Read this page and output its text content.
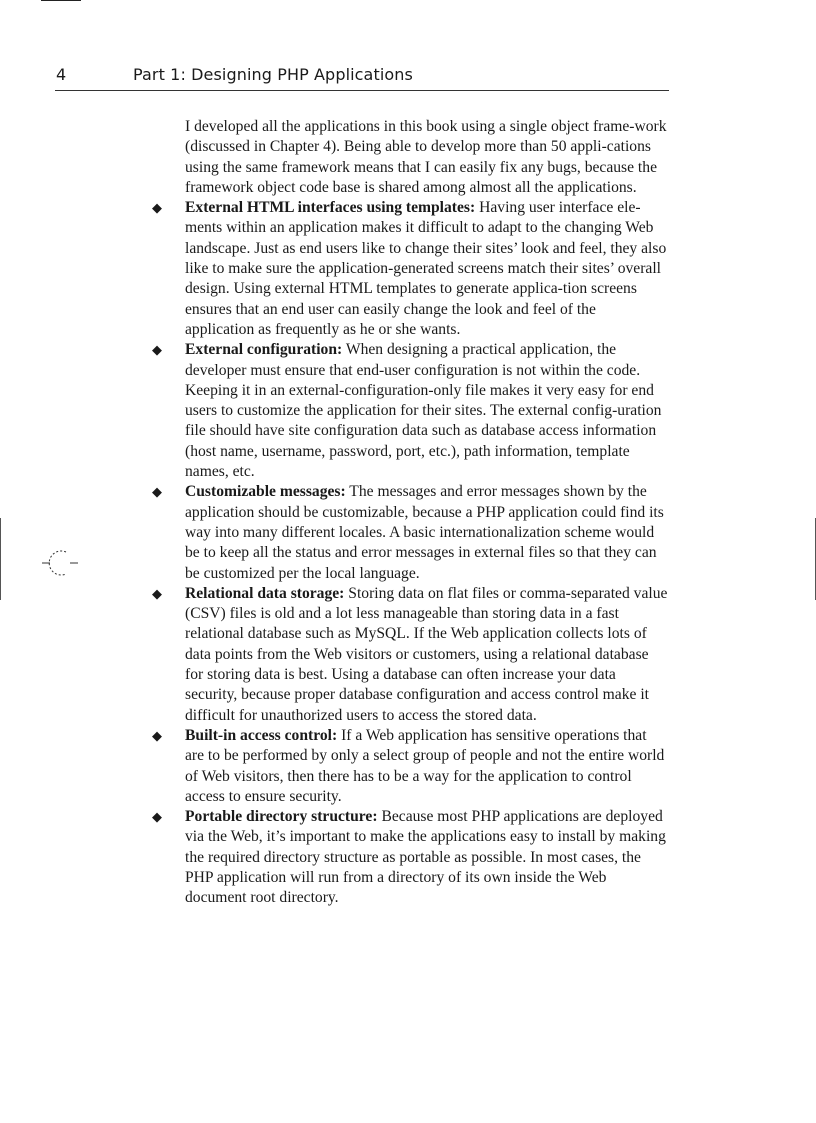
4	Part 1: Designing PHP Applications

I developed all the applications in this book using a single object frame-work (discussed in Chapter 4). Being able to develop more than 50 appli-cations using the same framework means that I can easily fix any bugs, because the framework object code base is shared among almost all the applications.

◆ External HTML interfaces using templates: Having user interface ele-ments within an application makes it difficult to adapt to the changing Web landscape. Just as end users like to change their sites’ look and feel, they also like to make sure the application-generated screens match their sites’ overall design. Using external HTML templates to generate applica-tion screens ensures that an end user can easily change the look and feel of the application as frequently as he or she wants.

◆ External configuration: When designing a practical application, the developer must ensure that end-user configuration is not within the code. Keeping it in an external-configuration-only file makes it very easy for end users to customize the application for their sites. The external config-uration file should have site configuration data such as database access information (host name, username, password, port, etc.), path information, template names, etc.

◆ Customizable messages: The messages and error messages shown by the application should be customizable, because a PHP application could find its way into many different locales. A basic internationalization scheme would be to keep all the status and error messages in external files so that they can be customized per the local language.

◆ Relational data storage: Storing data on flat files or comma-separated value (CSV) files is old and a lot less manageable than storing data in a fast relational database such as MySQL. If the Web application collects lots of data points from the Web visitors or customers, using a relational database for storing data is best. Using a database can often increase your data security, because proper database configuration and access control make it difficult for unauthorized users to access the stored data.

◆ Built-in access control: If a Web application has sensitive operations that are to be performed by only a select group of people and not the entire world of Web visitors, then there has to be a way for the application to control access to ensure security.

◆ Portable directory structure: Because most PHP applications are deployed via the Web, it’s important to make the applications easy to install by making the required directory structure as portable as possible. In most cases, the PHP application will run from a directory of its own inside the Web document root directory.
